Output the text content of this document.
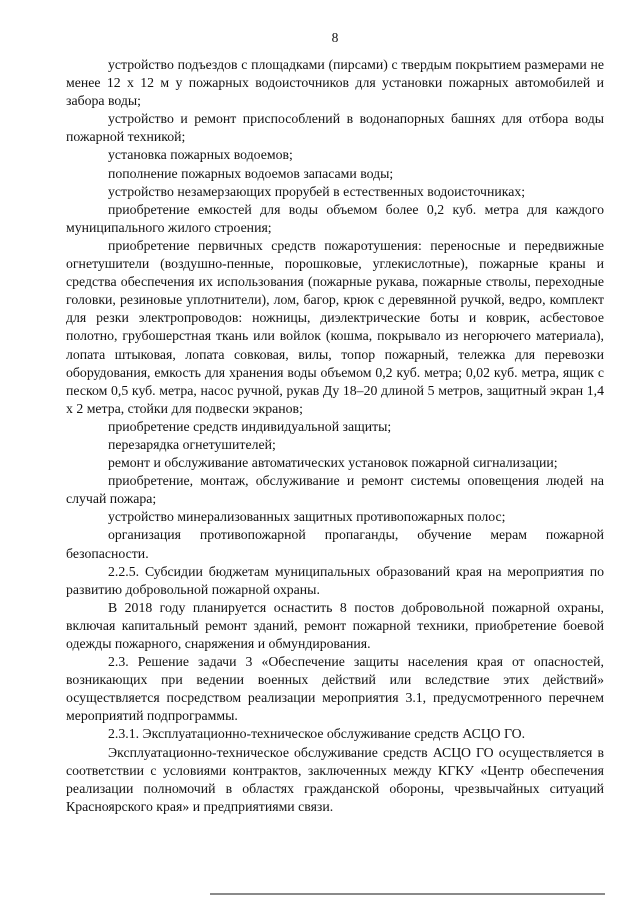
8

устройство подъездов с площадками (пирсами) с твердым покрытием размерами не менее 12 х 12 м у пожарных водоисточников для установки пожарных автомобилей и забора воды;

устройство и ремонт приспособлений в водонапорных башнях для отбора воды пожарной техникой;

установка пожарных водоемов;

пополнение пожарных водоемов запасами воды;

устройство незамерзающих прорубей в естественных водоисточниках;

приобретение емкостей для воды объемом более 0,2 куб. метра для каждого муниципального жилого строения;

приобретение первичных средств пожаротушения: переносные и передвижные огнетушители (воздушно-пенные, порошковые, углекислотные), пожарные краны и средства обеспечения их использования (пожарные рукава, пожарные стволы, переходные головки, резиновые уплотнители), лом, багор, крюк с деревянной ручкой, ведро, комплект для резки электропроводов: ножницы, диэлектрические боты и коврик, асбестовое полотно, грубошерстная ткань или войлок (кошма, покрывало из негорючего материала), лопата штыковая, лопата совковая, вилы, топор пожарный, тележка для перевозки оборудования, емкость для хранения воды объемом 0,2 куб. метра; 0,02 куб. метра, ящик с песком 0,5 куб. метра, насос ручной, рукав Ду 18–20 длиной 5 метров, защитный экран 1,4 х 2 метра, стойки для подвески экранов;

приобретение средств индивидуальной защиты;

перезарядка огнетушителей;

ремонт и обслуживание автоматических установок пожарной сигнализации;

приобретение, монтаж, обслуживание и ремонт системы оповещения людей на случай пожара;

устройство минерализованных защитных противопожарных полос;

организация противопожарной пропаганды, обучение мерам пожарной безопасности.

2.2.5. Субсидии бюджетам муниципальных образований края на мероприятия по развитию добровольной пожарной охраны.

В 2018 году планируется оснастить 8 постов добровольной пожарной охраны, включая капитальный ремонт зданий, ремонт пожарной техники, приобретение боевой одежды пожарного, снаряжения и обмундирования.

2.3. Решение задачи 3 «Обеспечение защиты населения края от опасностей, возникающих при ведении военных действий или вследствие этих действий» осуществляется посредством реализации мероприятия 3.1, предусмотренного перечнем мероприятий подпрограммы.

2.3.1. Эксплуатационно-техническое обслуживание средств АСЦО ГО.

Эксплуатационно-техническое обслуживание средств АСЦО ГО осуществляется в соответствии с условиями контрактов, заключенных между КГКУ «Центр обеспечения реализации полномочий в областях гражданской обороны, чрезвычайных ситуаций Красноярского края» и предприятиями связи.
